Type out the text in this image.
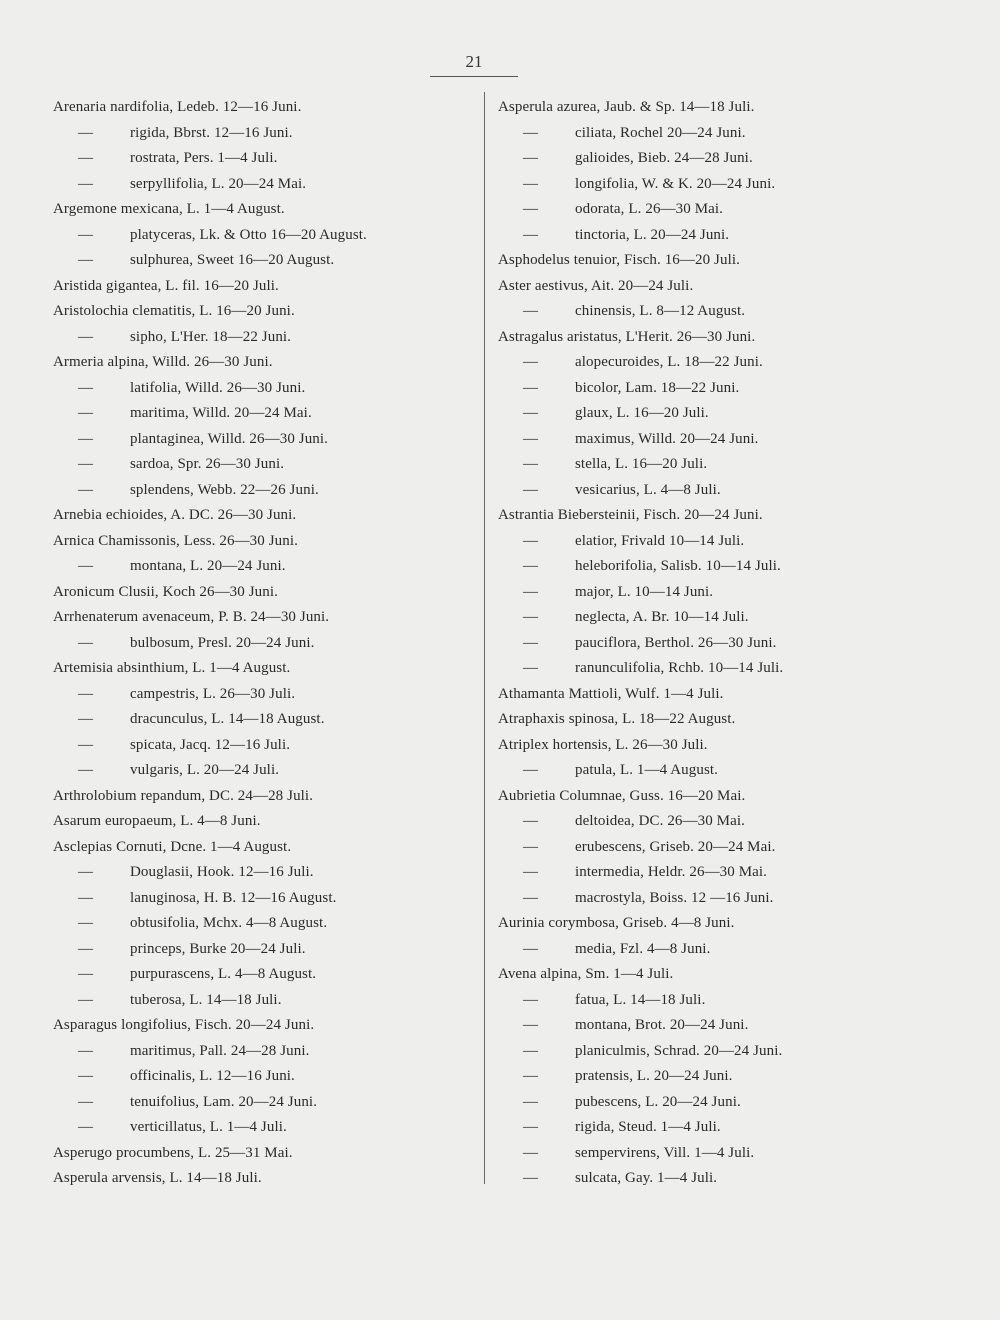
21
Arenaria nardifolia, Ledeb. 12—16 Juni.
— rigida, Bbrst. 12—16 Juni.
— rostrata, Pers. 1—4 Juli.
— serpyllifolia, L. 20—24 Mai.
Argemone mexicana, L. 1—4 August.
— platyceras, Lk. & Otto 16—20 August.
— sulphurea, Sweet 16—20 August.
Aristida gigantea, L. fil. 16—20 Juli.
Aristolochia clematitis, L. 16—20 Juni.
— sipho, L'Her. 18—22 Juni.
Armeria alpina, Willd. 26—30 Juni.
— latifolia, Willd. 26—30 Juni.
— maritima, Willd. 20—24 Mai.
— plantaginea, Willd. 26—30 Juni.
— sardoa, Spr. 26—30 Juni.
— splendens, Webb. 22—26 Juni.
Arnebia echioides, A. DC. 26—30 Juni.
Arnica Chamissonis, Less. 26—30 Juni.
— montana, L. 20—24 Juni.
Aronicum Clusii, Koch 26—30 Juni.
Arrhenaterum avenaceum, P. B. 24—30 Juni.
— bulbosum, Presl. 20—24 Juni.
Artemisia absinthium, L. 1—4 August.
— campestris, L. 26—30 Juli.
— dracunculus, L. 14—18 August.
— spicata, Jacq. 12—16 Juli.
— vulgaris, L. 20—24 Juli.
Arthrolobium repandum, DC. 24—28 Juli.
Asarum europaeum, L. 4—8 Juni.
Asclepias Cornuti, Dcne. 1—4 August.
— Douglasii, Hook. 12—16 Juli.
— lanuginosa, H. B. 12—16 August.
— obtusifolia, Mchx. 4—8 August.
— princeps, Burke 20—24 Juli.
— purpurascens, L. 4—8 August.
— tuberosa, L. 14—18 Juli.
Asparagus longifolius, Fisch. 20—24 Juni.
— maritimus, Pall. 24—28 Juni.
— officinalis, L. 12—16 Juni.
— tenuifolius, Lam. 20—24 Juni.
— verticillatus, L. 1—4 Juli.
Asperugo procumbens, L. 25—31 Mai.
Asperula arvensis, L. 14—18 Juli.
Asperula azurea, Jaub. & Sp. 14—18 Juli.
— ciliata, Rochel 20—24 Juni.
— galioides, Bieb. 24—28 Juni.
— longifolia, W. & K. 20—24 Juni.
— odorata, L. 26—30 Mai.
— tinctoria, L. 20—24 Juni.
Asphodelus tenuior, Fisch. 16—20 Juli.
Aster aestivus, Ait. 20—24 Juli.
— chinensis, L. 8—12 August.
Astragalus aristatus, L'Herit. 26—30 Juni.
— alopecuroides, L. 18—22 Juni.
— bicolor, Lam. 18—22 Juni.
— glaux, L. 16—20 Juli.
— maximus, Willd. 20—24 Juni.
— stella, L. 16—20 Juli.
— vesicarius, L. 4—8 Juli.
Astrantia Biebersteinii, Fisch. 20—24 Juni.
— elatior, Frivald 10—14 Juli.
— heleborifolia, Salisb. 10—14 Juli.
— major, L. 10—14 Juni.
— neglecta, A. Br. 10—14 Juli.
— pauciflora, Berthol. 26—30 Juni.
— ranunculifolia, Rchb. 10—14 Juli.
Athamanta Mattioli, Wulf. 1—4 Juli.
Atraphaxis spinosa, L. 18—22 August.
Atriplex hortensis, L. 26—30 Juli.
— patula, L. 1—4 August.
Aubrietia Columnae, Guss. 16—20 Mai.
— deltoidea, DC. 26—30 Mai.
— erubescens, Griseb. 20—24 Mai.
— intermedia, Heldr. 26—30 Mai.
— macrostyla, Boiss. 12 —16 Juni.
Aurinia corymbosa, Griseb. 4—8 Juni.
— media, Fzl. 4—8 Juni.
Avena alpina, Sm. 1—4 Juli.
— fatua, L. 14—18 Juli.
— montana, Brot. 20—24 Juni.
— planiculmis, Schrad. 20—24 Juni.
— pratensis, L. 20—24 Juni.
— pubescens, L. 20—24 Juni.
— rigida, Steud. 1—4 Juli.
— sempervirens, Vill. 1—4 Juli.
— sulcata, Gay. 1—4 Juli.
